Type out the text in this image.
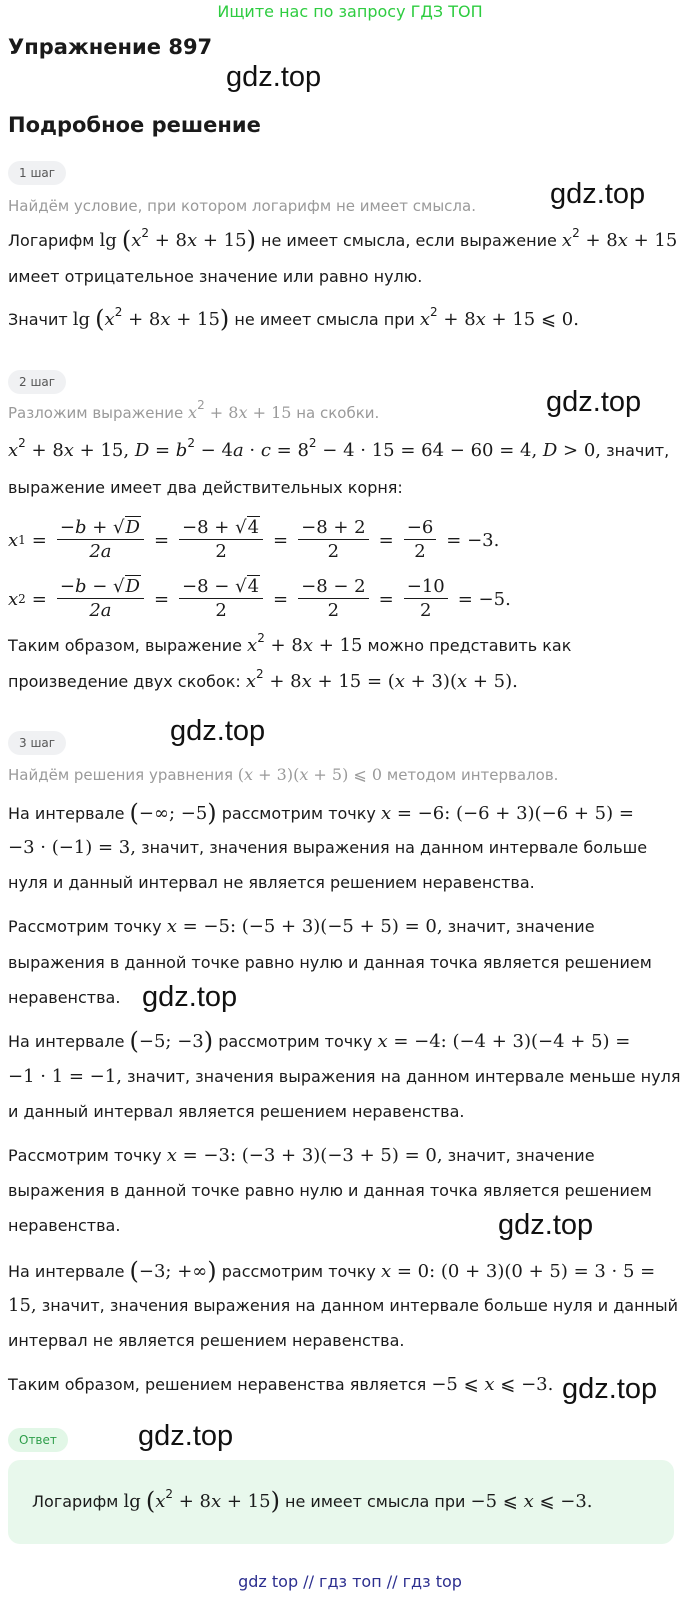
Ищите нас по запросу ГДЗ ТОП
Упражнение 897
gdz.top
Подробное решение
1 шаг
gdz.top
Найдём условие, при котором логарифм не имеет смысла.
Логарифм $\lg (x^2 + 8x + 15)$ не имеет смысла, если выражение $x^2 + 8x + 15$
имеет отрицательное значение или равно нулю.
Значит $\lg (x^2 + 8x + 15)$ не имеет смысла при $x^2 + 8x + 15$ ⩽ 0.
2 шаг
gdz.top
Разложим выражение $x^2 + 8x + 15$ на скобки.
$x^2 + 8x + 15$, $D = b^2 - 4a \cdot c = 8^2 - 4 \cdot 15 = 64 - 60 = 4$, D > 0, значит,
выражение имеет два действительных корня:
x $1 = \frac{-b + √D}{2a} = \frac{-8 + √4}{2} = \frac{-8 + 2}{2} = \frac{-6}{2} = -3$.
x $2 = \frac{-b - √D}{2a} = \frac{-8 - √4}{2} = \frac{-8 - 2}{2} = \frac{-10}{2} = -5$.
Таким образом, выражение $x^2 + 8x + 15$ можно представить как
произведение двух скобок: $x^2 + 8x + 15 = (x + 3)(x + 5)$.
gdz.top
3 шаг
Найдём решения уравнения (x + 3)(x + 5) ⩽ 0 методом интервалов.
На интервале (−∞; −5) рассмотрим точку x = −6: (−6 + 3)(−6 + 5) =
−3 · (−1) = 3, значит, значения выражения на данном интервале больше
нуля и данный интервал не является решением неравенства.
Рассмотрим точку x = −5: (−5 + 3)(−5 + 5) = 0, значит, значение
выражения в данной точке равно нулю и данная точка является решением
неравенства. gdz.top
На интервале (−5; −3) рассмотрим точку x = −4: (−4 + 3)(−4 + 5) =
−1 · 1 = −1, значит, значения выражения на данном интервале меньше нуля
и данный интервал является решением неравенства.
Рассмотрим точку x = −3: (−3 + 3)(−3 + 5) = 0, значит, значение
выражения в данной точке равно нулю и данная точка является решением
неравенства.	gdz.top
На интервале (−3; +∞) рассмотрим точку x = 0: (0 + 3)(0 + 5) = 3 · 5 =
15, значит, значения выражения на данном интервале больше нуля и данный
интервал не является решением неравенства.
Таким образом, решением неравенства является −5 ⩽ x ⩽ −3. gdz.top
Ответ	gdz.top
Логарифм $\lg (x^2 + 8x + 15)$ не имеет смысла при −5 ⩽ x ⩽ −3.
gdz top // гдз топ // гдз top
